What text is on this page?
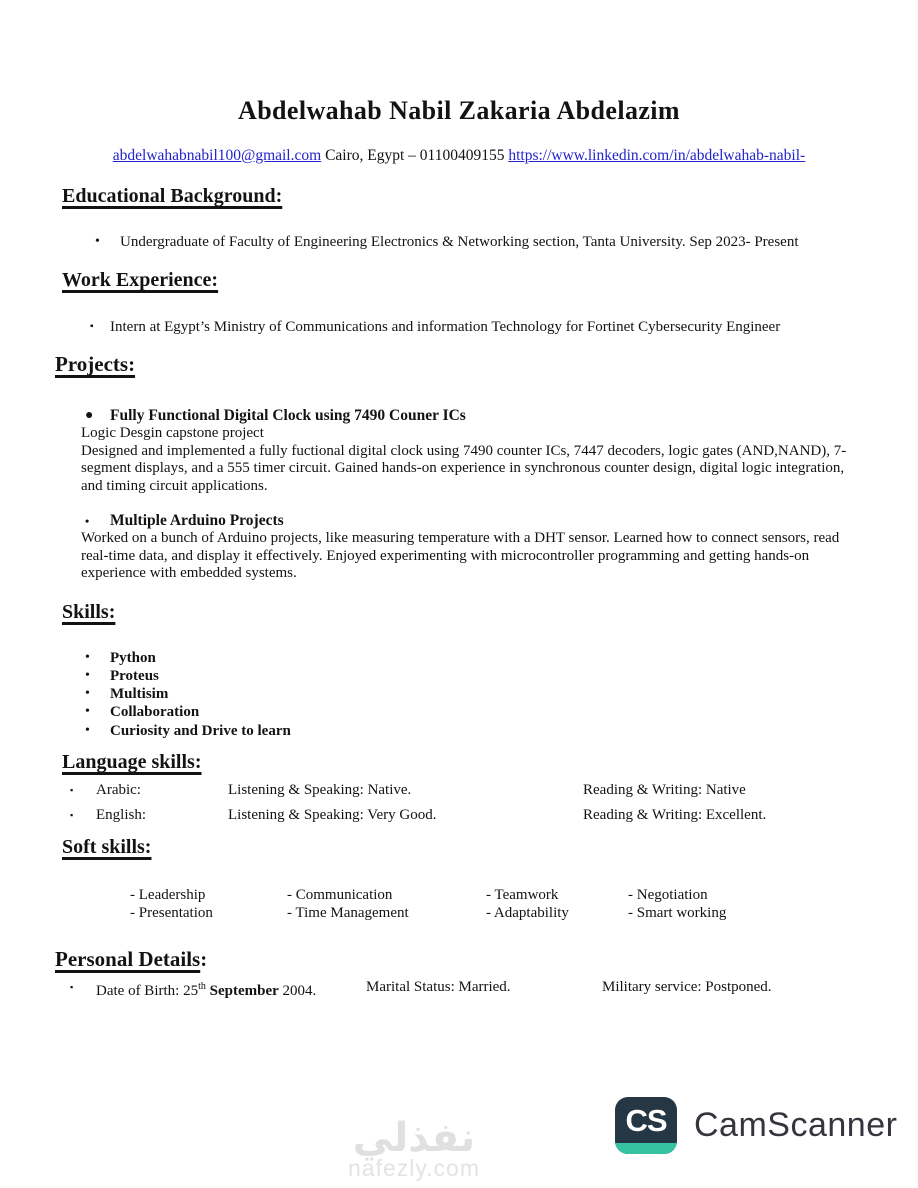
Abdelwahab Nabil Zakaria Abdelazim
abdelwahabnabil100@gmail.com Cairo, Egypt – 01100409155 https://www.linkedin.com/in/abdelwahab-nabil-
Educational Background:
•	Undergraduate of Faculty of Engineering Electronics & Networking section, Tanta University. Sep 2023- Present
Work Experience:
▪	Intern at Egypt’s Ministry of Communications and information Technology for Fortinet Cybersecurity Engineer
Projects:
●	Fully Functional Digital Clock using 7490 Couner ICs
Logic Desgin capstone project
Designed and implemented a fully fuctional digital clock using 7490 counter ICs, 7447 decoders, logic gates (AND,NAND), 7-segment displays, and a 555 timer circuit. Gained hands-on experience in synchronous counter design, digital logic integration, and timing circuit applications.
•	Multiple Arduino Projects
Worked on a bunch of Arduino projects, like measuring temperature with a DHT sensor. Learned how to connect sensors, read real-time data, and display it effectively. Enjoyed experimenting with microcontroller programming and getting hands-on experience with embedded systems.
Skills:
•	Python
•	Proteus
•	Multisim
•	Collaboration
•	Curiosity and Drive to learn
Language skills:
▪	Arabic:	Listening & Speaking: Native.	Reading & Writing: Native
▪	English:	Listening & Speaking: Very Good.	Reading & Writing: Excellent.
Soft skills:
- Leadership	- Communication	- Teamwork	- Negotiation
- Presentation	- Time Management	- Adaptability	- Smart working
Personal Details:
▪	Date of Birth: 25th September 2004.	Marital Status: Married.	Military service: Postponed.
نفذلي
nafezly.com
CS CamScanner
